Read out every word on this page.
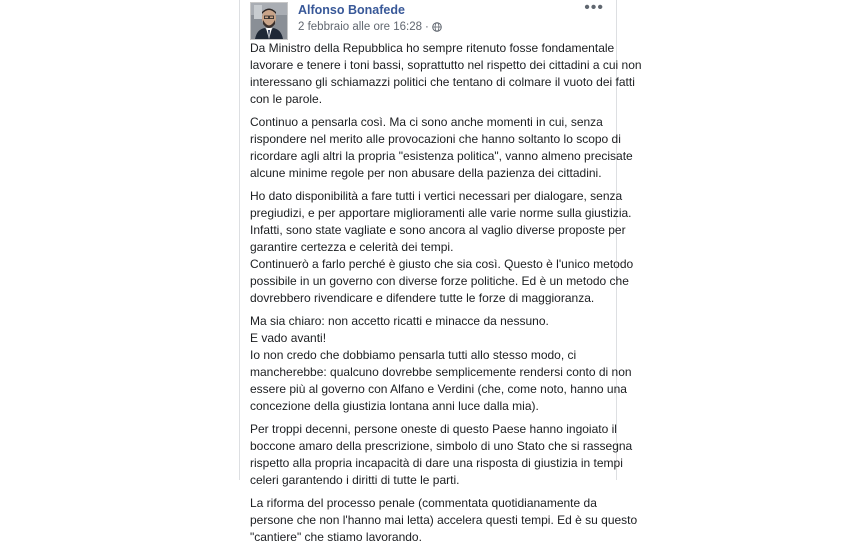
Alfonso Bonafede
2 febbraio alle ore 16:28 ·
•••

Da Ministro della Repubblica ho sempre ritenuto fosse fondamentale
lavorare e tenere i toni bassi, soprattutto nel rispetto dei cittadini a cui non
interessano gli schiamazzi politici che tentano di colmare il vuoto dei fatti
con le parole.

Continuo a pensarla così. Ma ci sono anche momenti in cui, senza
rispondere nel merito alle provocazioni che hanno soltanto lo scopo di
ricordare agli altri la propria "esistenza politica", vanno almeno precisate
alcune minime regole per non abusare della pazienza dei cittadini.

Ho dato disponibilità a fare tutti i vertici necessari per dialogare, senza
pregiudizi, e per apportare miglioramenti alle varie norme sulla giustizia.
Infatti, sono state vagliate e sono ancora al vaglio diverse proposte per
garantire certezza e celerità dei tempi.
Continuerò a farlo perché è giusto che sia così. Questo è l'unico metodo
possibile in un governo con diverse forze politiche. Ed è un metodo che
dovrebbero rivendicare e difendere tutte le forze di maggioranza.

Ma sia chiaro: non accetto ricatti e minacce da nessuno.
E vado avanti!
Io non credo che dobbiamo pensarla tutti allo stesso modo, ci
mancherebbe: qualcuno dovrebbe semplicemente rendersi conto di non
essere più al governo con Alfano e Verdini (che, come noto, hanno una
concezione della giustizia lontana anni luce dalla mia).

Per troppi decenni, persone oneste di questo Paese hanno ingoiato il
boccone amaro della prescrizione, simbolo di uno Stato che si rassegna
rispetto alla propria incapacità di dare una risposta di giustizia in tempi
celeri garantendo i diritti di tutte le parti.

La riforma del processo penale (commentata quotidianamente da
persone che non l'hanno mai letta) accelera questi tempi. Ed è su questo
"cantiere" che stiamo lavorando.
